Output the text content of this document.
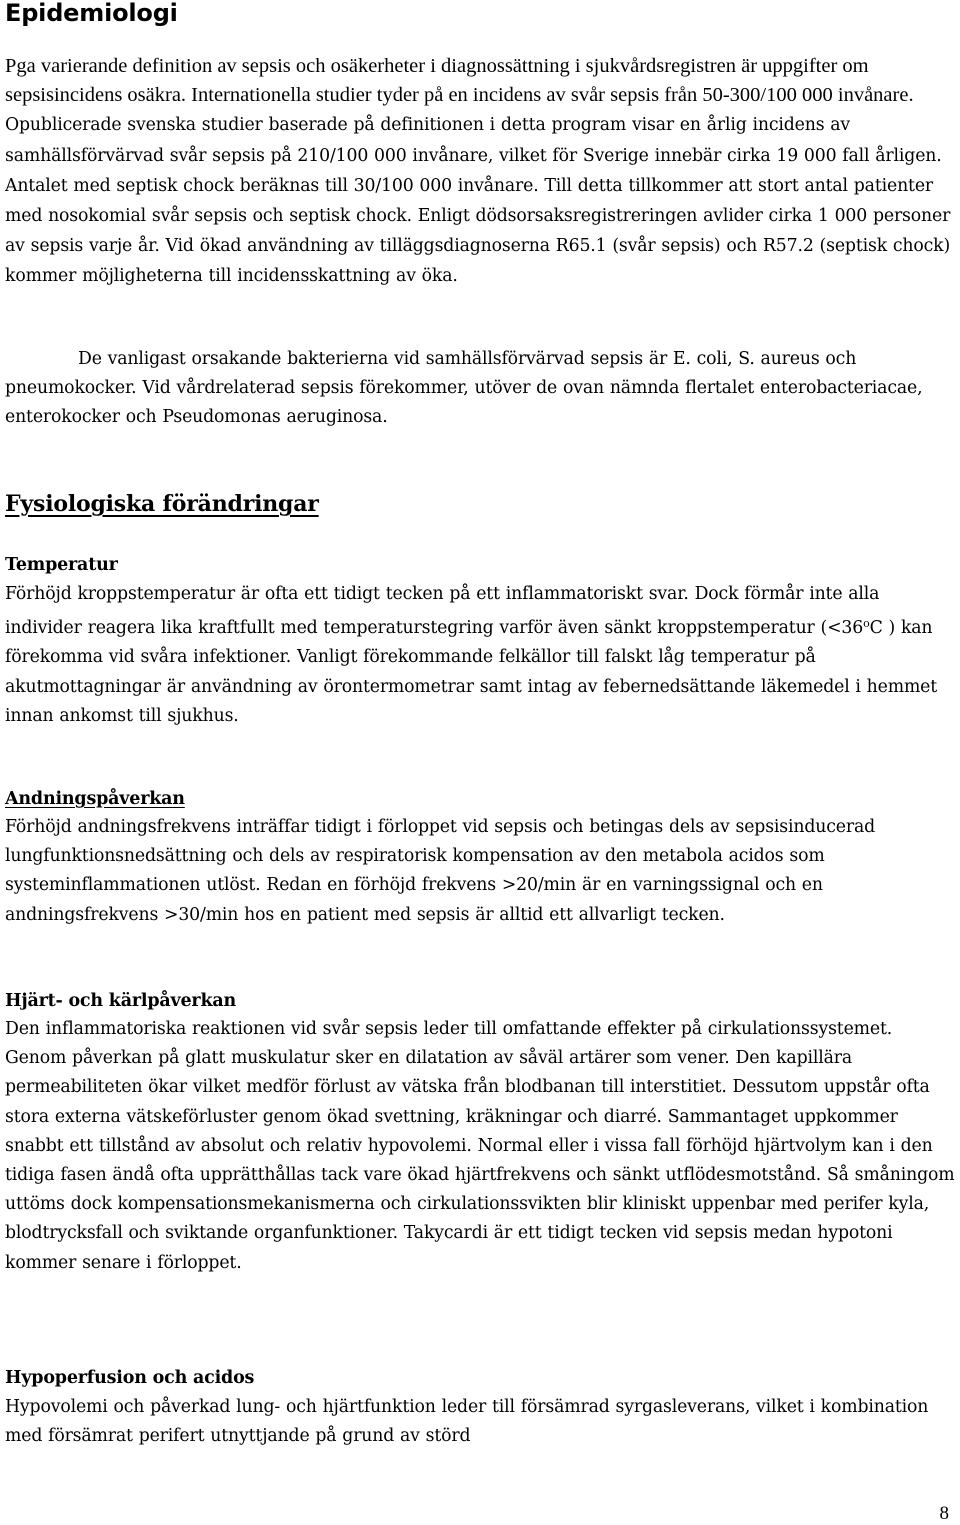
Epidemiologi

Pga varierande definition av sepsis och osäkerheter i diagnossättning i sjukvårdsregistren är uppgifter om sepsisincidens osäkra. Internationella studier tyder på en incidens av svår sepsis från 50-300/100 000 invånare. Opublicerade svenska studier baserade på definitionen i detta program visar en årlig incidens av samhällsförvärvad svår sepsis på 210/100 000 invånare, vilket för Sverige innebär cirka 19 000 fall årligen. Antalet med septisk chock beräknas till 30/100 000 invånare. Till detta tillkommer att stort antal patienter med nosokomial svår sepsis och septisk chock. Enligt dödsorsaksregistreringen avlider cirka 1 000 personer av sepsis varje år. Vid ökad användning av tilläggsdiagnoserna R65.1 (svår sepsis) och R57.2 (septisk chock) kommer möjligheterna till incidensskattning av öka.

De vanligast orsakande bakterierna vid samhällsförvärvad sepsis är E. coli, S. aureus och pneumokocker. Vid vårdrelaterad sepsis förekommer, utöver de ovan nämnda flertalet enterobacteriacae, enterokocker och Pseudomonas aeruginosa.

Fysiologiska förändringar
Temperatur

Förhöjd kroppstemperatur är ofta ett tidigt tecken på ett inflammatoriskt svar. Dock förmår inte alla individer reagera lika kraftfullt med temperaturstegring varför även sänkt kroppstemperatur ($<36^oC$ ) kan förekomma vid svåra infektioner. Vanligt förekommande felkällor till falskt låg temperatur på akutmottagningar är användning av örontermometrar samt intag av febernedsättande läkemedel i hemmet innan ankomst till sjukhus.

Andningspåverkan

Förhöjd andningsfrekvens inträffar tidigt i förloppet vid sepsis och betingas dels av sepsisinducerad lungfunktionsnedsättning och dels av respiratorisk kompensation av den metabola acidos som systeminflammationen utlöst. Redan en förhöjd frekvens >20/min är en varningssignal och en andningsfrekvens >30/min hos en patient med sepsis är alltid ett allvarligt tecken.

Hjärt- och kärlpåverkan

Den inflammatoriska reaktionen vid svår sepsis leder till omfattande effekter på cirkulationssystemet. Genom påverkan på glatt muskulatur sker en dilatation av såväl artärer som vener. Den kapillära permeabiliteten ökar vilket medför förlust av vätska från blodbanan till interstitiet. Dessutom uppstår ofta stora externa vätskeförluster genom ökad svettning, kräkningar och diarré. Sammantaget uppkommer snabbt ett tillstånd av absolut och relativ hypovolemi. Normal eller i vissa fall förhöjd hjärtvolym kan i den tidiga fasen ändå ofta upprätthållas tack vare ökad hjärtfrekvens och sänkt utflödesmotstånd. Så småningom uttöms dock kompensationsmekanismerna och cirkulationssvikten blir kliniskt uppenbar med perifer kyla, blodtrycksfall och sviktande organfunktioner. Takycardi är ett tidigt tecken vid sepsis medan hypotoni kommer senare i förloppet.

Hypoperfusion och acidos

Hypovolemi och påverkad lung- och hjärtfunktion leder till försämrad syrgasleverans, vilket i kombination med försämrat perifert utnyttjande på grund av störd

8
